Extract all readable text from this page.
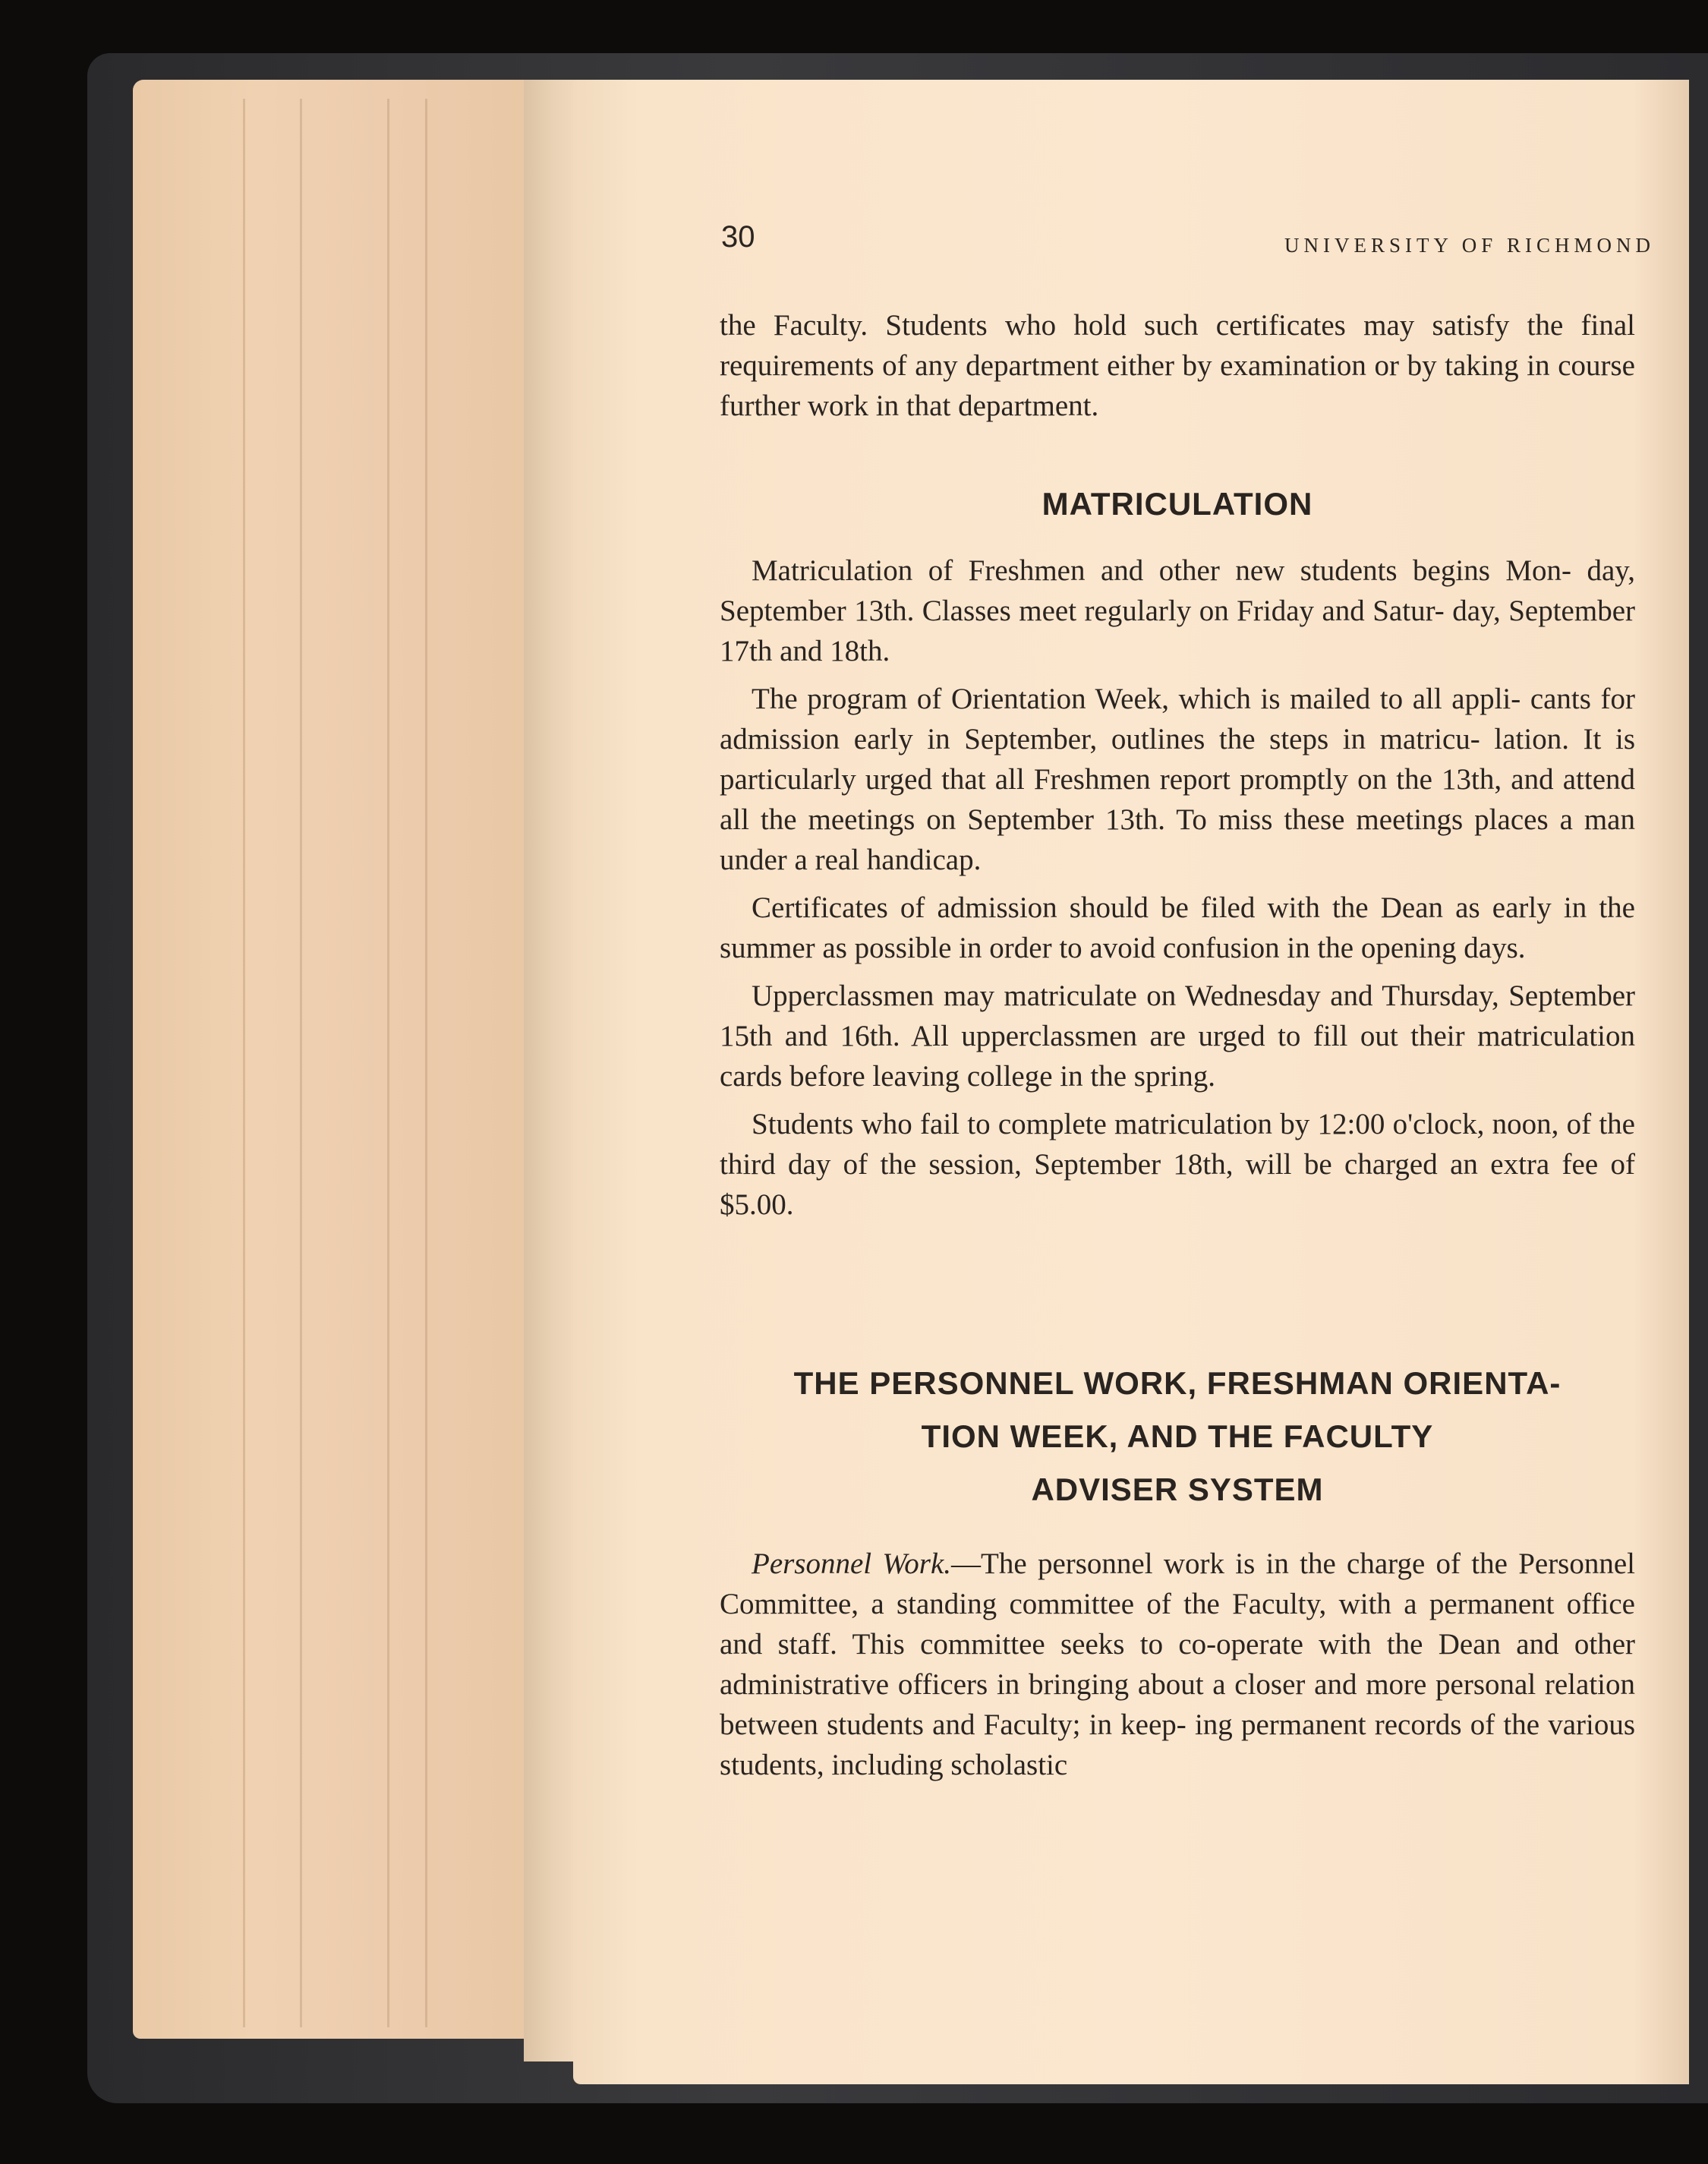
30	UNIVERSITY OF RICHMOND

the Faculty. Students who hold such certificates may satisfy the final requirements of any department either by examination or by taking in course further work in that department.

MATRICULATION

Matriculation of Freshmen and other new students begins Mon- day, September 13th. Classes meet regularly on Friday and Satur- day, September 17th and 18th.

The program of Orientation Week, which is mailed to all appli- cants for admission early in September, outlines the steps in matricu- lation. It is particularly urged that all Freshmen report promptly on the 13th, and attend all the meetings on September 13th. To miss these meetings places a man under a real handicap.

Certificates of admission should be filed with the Dean as early in the summer as possible in order to avoid confusion in the opening days.

Upperclassmen may matriculate on Wednesday and Thursday, September 15th and 16th. All upperclassmen are urged to fill out their matriculation cards before leaving college in the spring.

Students who fail to complete matriculation by 12:00 o'clock, noon, of the third day of the session, September 18th, will be charged an extra fee of $5.00.

THE PERSONNEL WORK, FRESHMAN ORIENTA-
TION WEEK, AND THE FACULTY
ADVISER SYSTEM

Personnel Work.—The personnel work is in the charge of the Personnel Committee, a standing committee of the Faculty, with a permanent office and staff. This committee seeks to co-operate with the Dean and other administrative officers in bringing about a closer and more personal relation between students and Faculty; in keep- ing permanent records of the various students, including scholastic
